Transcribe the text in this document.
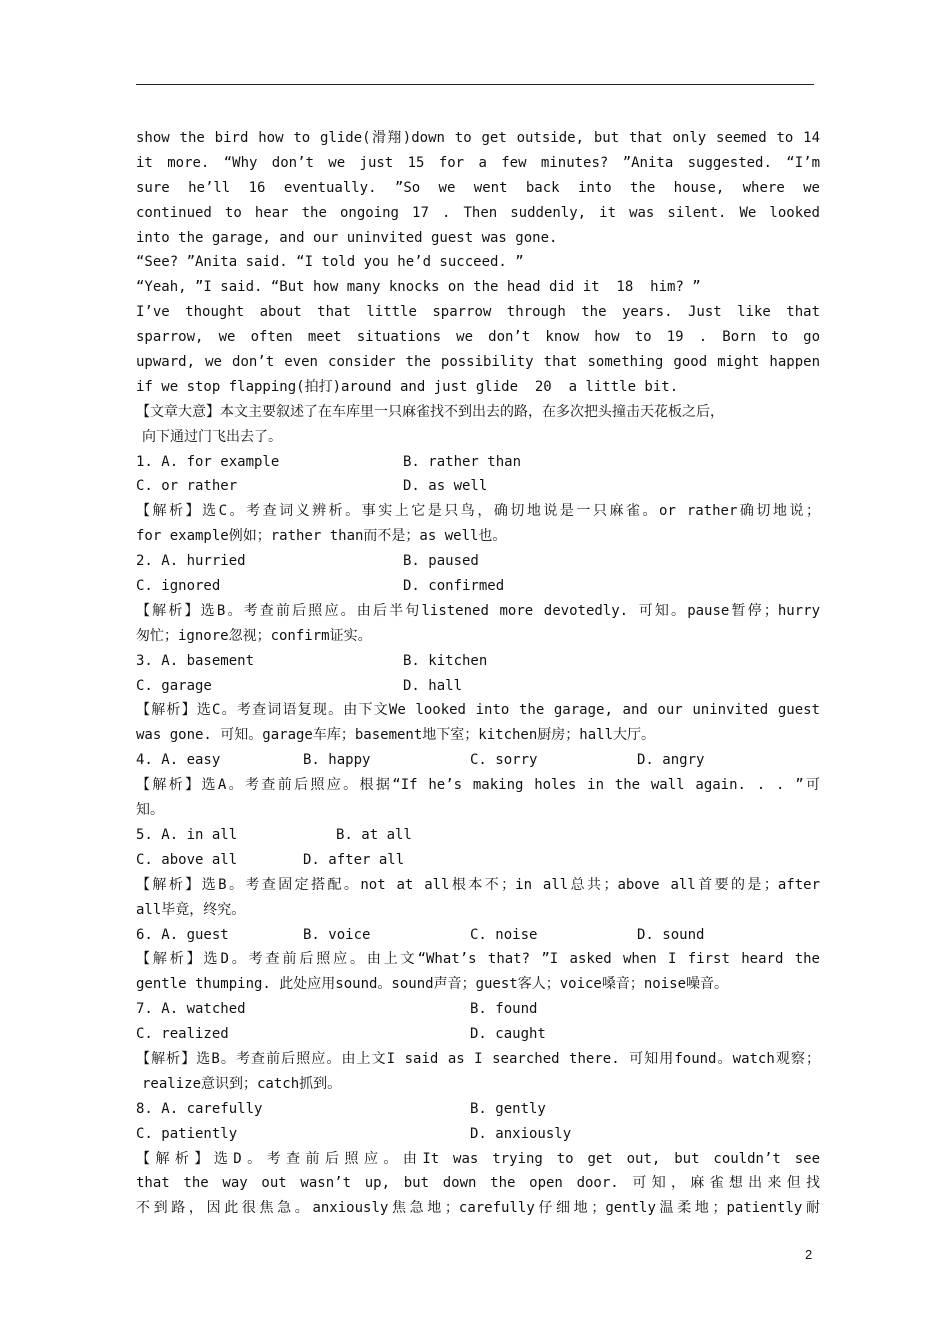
show the bird how to glide(滑翔)down to get outside, but that only seemed to 14
it more. “Why don’t we just 15 for a few minutes? ”Anita suggested. “I’m
sure he’ll 16 eventually. ”So we went back into the house, where we
continued to hear the ongoing 17 . Then suddenly, it was silent. We looked
into the garage, and our uninvited guest was gone.
“See? ”Anita said. “I told you he’d succeed. ”
“Yeah, ”I said. “But how many knocks on the head did it  18  him? ”
I’ve thought about that little sparrow through the years. Just like that
sparrow, we often meet situations we don’t know how to 19 . Born to go
upward, we don’t even consider the possibility that something good might happen
if we stop flapping(拍打)around and just glide  20  a little bit.
【文章大意】本文主要叙述了在车库里一只麻雀找不到出去的路，在多次把头撞击天花板之后，
向下通过门飞出去了。
1. A. for example	B. rather than
C. or rather	D. as well
【解析】选C。考查词义辨析。事实上它是只鸟，确切地说是一只麻雀。or rather确切地说；
for example例如；rather than而不是；as well也。
2. A. hurried	B. paused
C. ignored	D. confirmed
【解析】选B。考查前后照应。由后半句listened more devotedly. 可知。pause暂停；hurry
匆忙；ignore忽视；confirm证实。
3. A. basement	B. kitchen
C. garage	D. hall
【解析】选C。考查词语复现。由下文We looked into the garage, and our uninvited guest
was gone. 可知。garage车库；basement地下室；kitchen厨房；hall大厅。
4. A. easy	B. happy	C. sorry	D. angry
【解析】选A。考查前后照应。根据“If he’s making holes in the wall again. . . ”可
知。
5. A. in all	B. at all
C. above all	D. after all
【解析】选B。考查固定搭配。not at all根本不；in all总共；above all首要的是；after
all毕竟，终究。
6. A. guest	B. voice	C. noise	D. sound
【解析】选D。考查前后照应。由上文“What’s that? ”I asked when I first heard the
gentle thumping. 此处应用sound。sound声音；guest客人；voice嗓音；noise噪音。
7. A. watched	B. found
C. realized	D. caught
【解析】选B。考查前后照应。由上文I said as I searched there. 可知用found。watch观察；
realize意识到；catch抓到。
8. A. carefully	B. gently
C. patiently	D. anxiously
【解析】选D。考查前后照应。由It was trying to get out, but couldn’t see
that the way out wasn’t up, but down the open door. 可知，麻雀想出来但找
不到路，因此很焦急。anxiously焦急地；carefully仔细地；gently温柔地；patiently耐
2
